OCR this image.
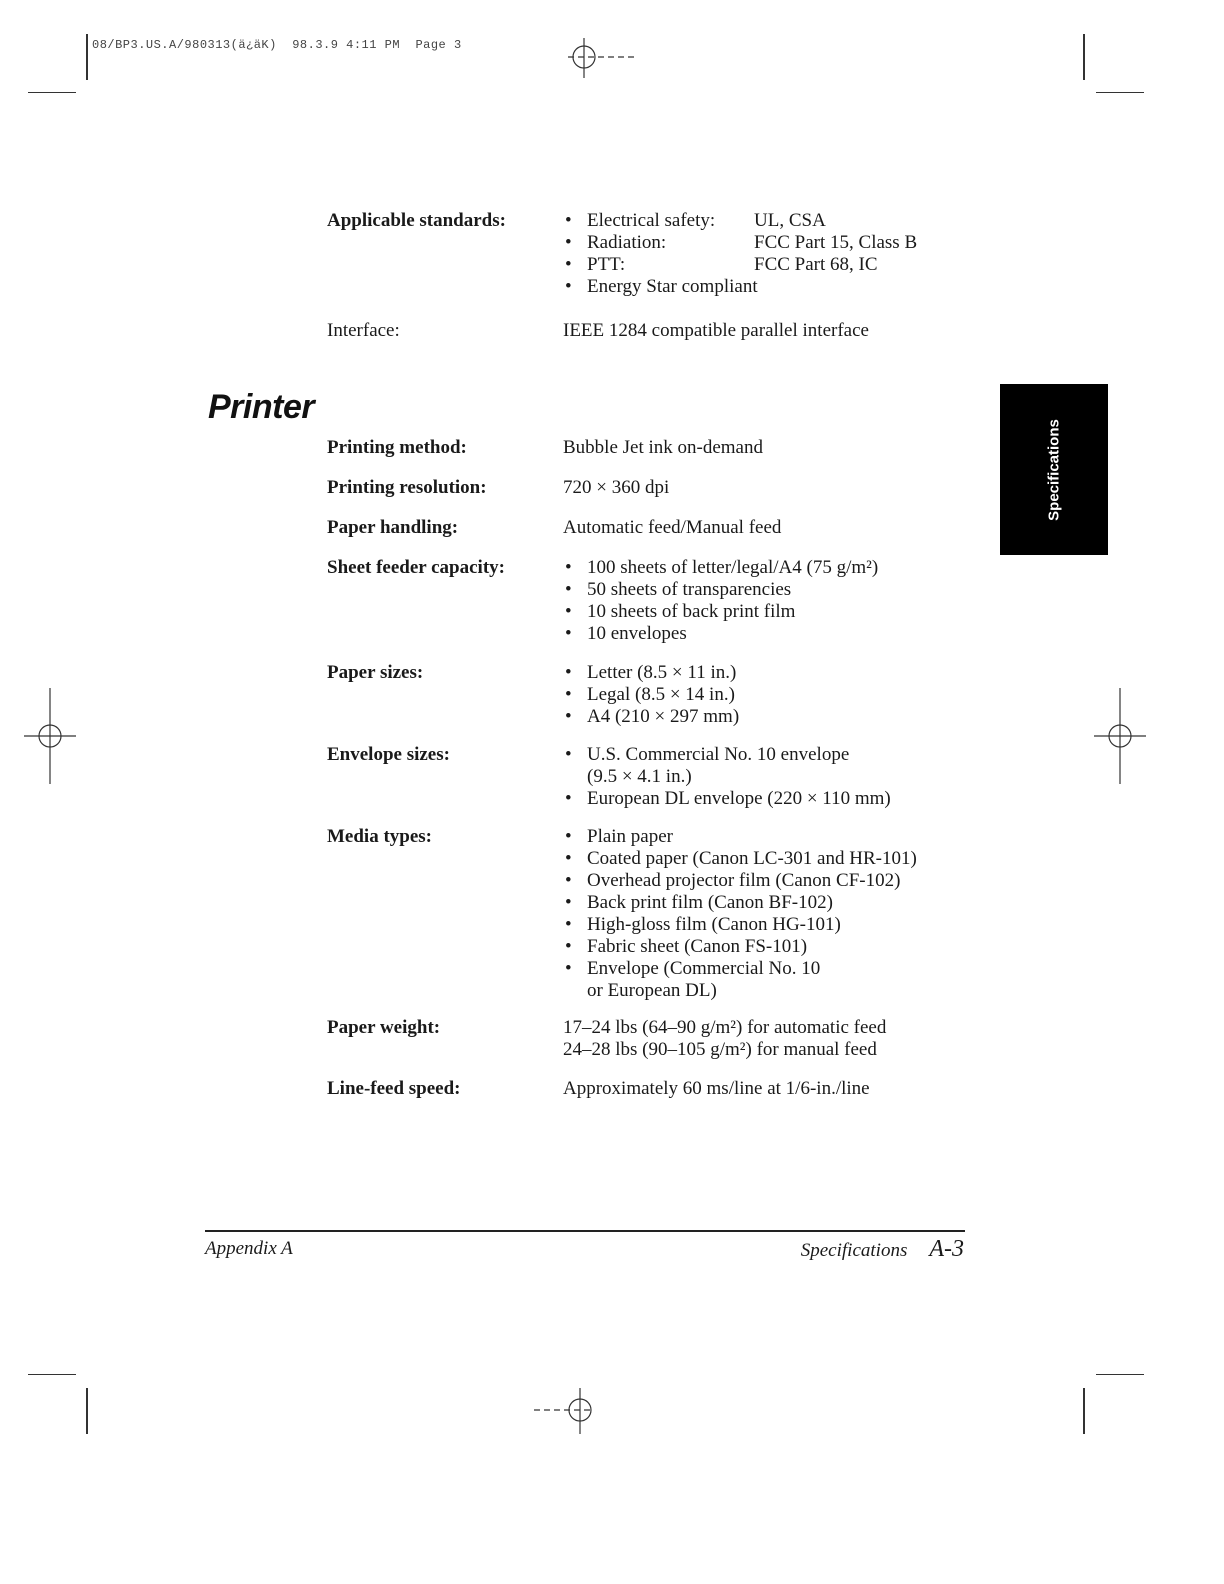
08/BP3.US.A/980313(ä¿äK)  98.3.9 4:11 PM  Page 3
Applicable standards:	• Electrical safety: UL, CSA
• Radiation:	FCC Part 15, Class B
• PTT:	FCC Part 68, IC
• Energy Star compliant
Interface:	IEEE 1284 compatible parallel interface
Printer
Specifications
Printing method:	Bubble Jet ink on-demand
Printing resolution:	720 × 360 dpi
Paper handling:	Automatic feed/Manual feed
Sheet feeder capacity:	• 100 sheets of letter/legal/A4 (75 g/m²)
• 50 sheets of transparencies
• 10 sheets of back print film
• 10 envelopes
Paper sizes:	• Letter (8.5 × 11 in.)
• Legal (8.5 × 14 in.)
• A4 (210 × 297 mm)
Envelope sizes:	• U.S. Commercial No. 10 envelope
(9.5 × 4.1 in.)
• European DL envelope (220 × 110 mm)
Media types:	• Plain paper
• Coated paper (Canon LC-301 and HR-101)
• Overhead projector film (Canon CF-102)
• Back print film (Canon BF-102)
• High-gloss film (Canon HG-101)
• Fabric sheet (Canon FS-101)
• Envelope (Commercial No. 10
or European DL)
Paper weight:	17–24 lbs (64–90 g/m²) for automatic feed
24–28 lbs (90–105 g/m²) for manual feed
Line-feed speed:	Approximately 60 ms/line at 1/6-in./line
Appendix A	Specifications A-3
